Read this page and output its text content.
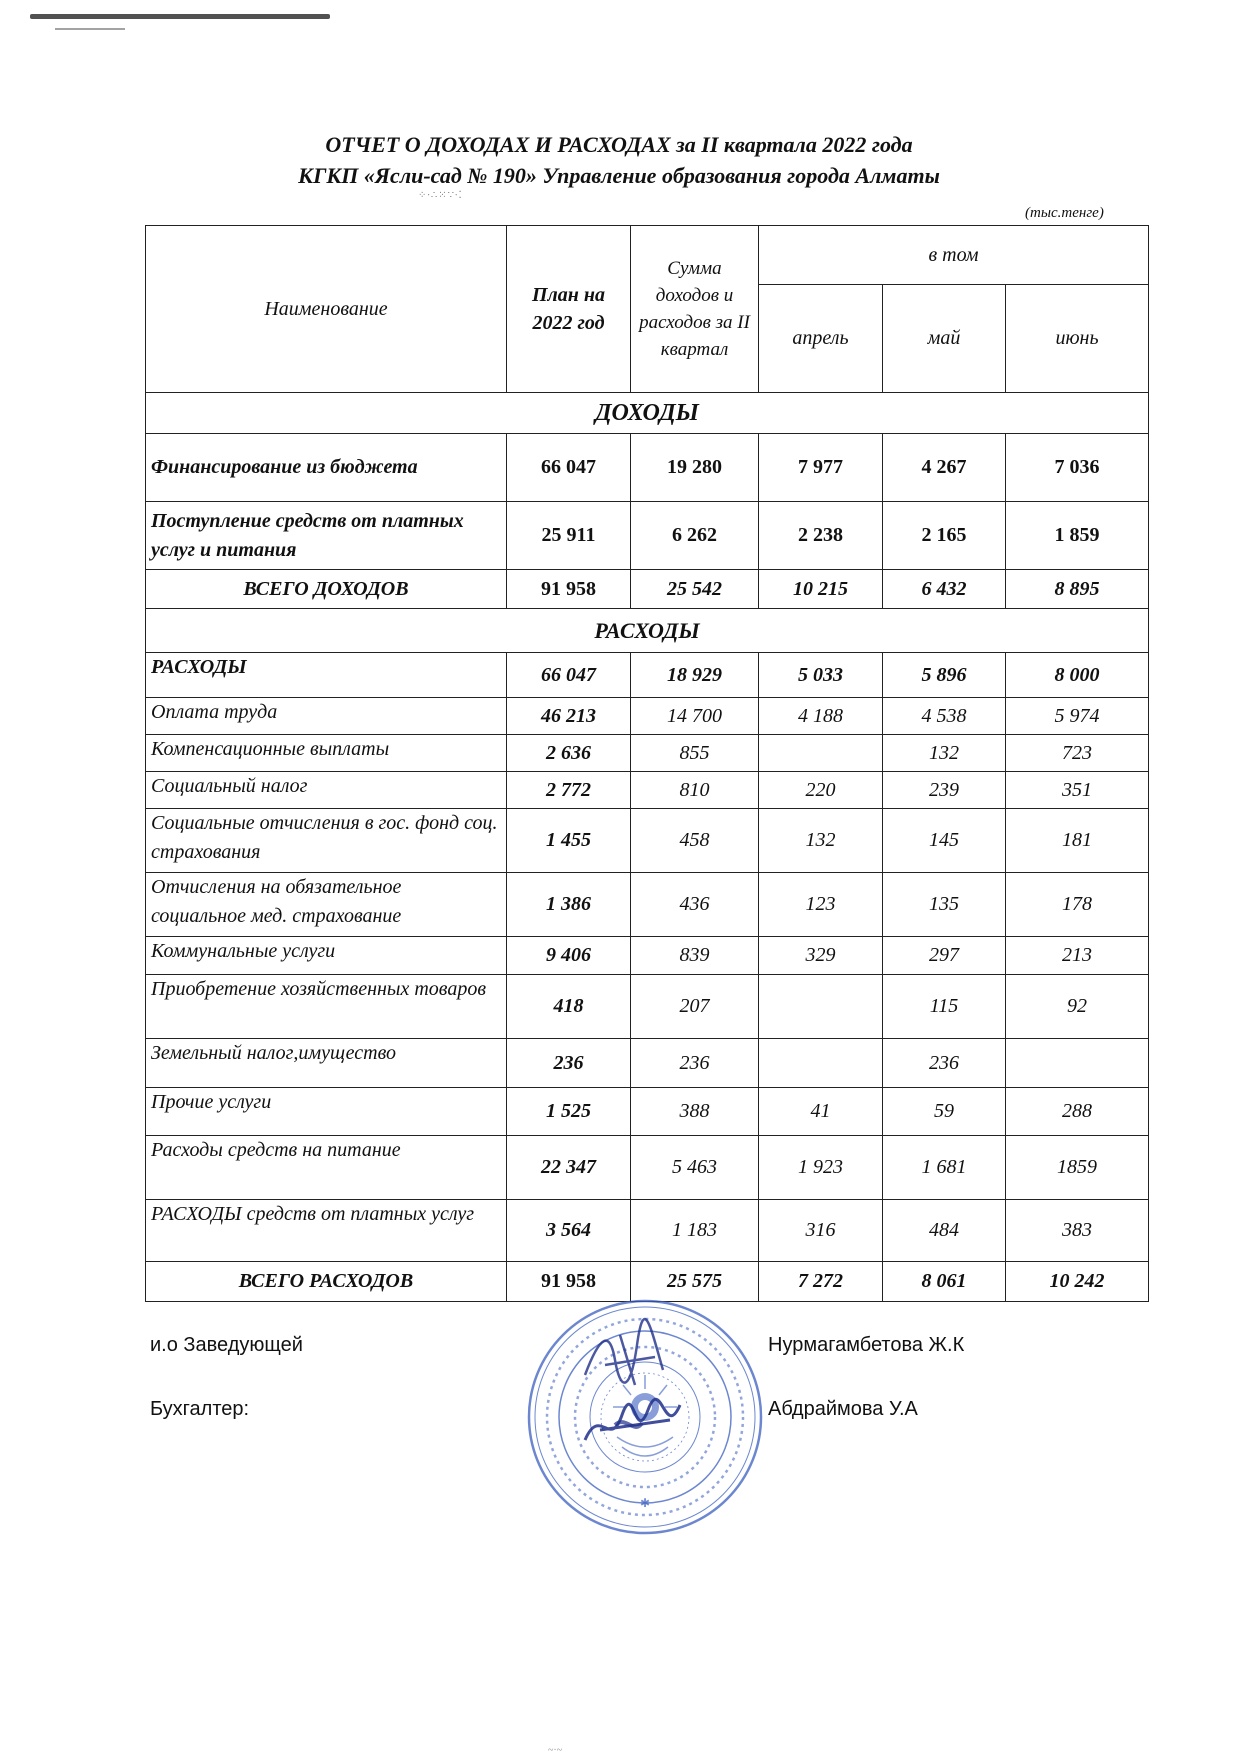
ОТЧЕТ О ДОХОДАХ И РАСХОДАХ за II квартала 2022 года
КГКП «Ясли-сад № 190» Управление образования города Алматы
⁘∙∴⁙∵∙⁚
(тыс.тенге)
Наименование	План на 2022 год	Сумма доходов и расходов за II квартал	в том		
			апрель	май	июнь
ДОХОДЫ					
Финансирование из бюджета	66 047	19 280	7 977	4 267	7 036
Поступление средств от платных услуг и питания	25 911	6 262	2 238	2 165	1 859
ВСЕГО ДОХОДОВ	91 958	25 542	10 215	6 432	8 895
РАСХОДЫ					
РАСХОДЫ	66 047	18 929	5 033	5 896	8 000
Оплата труда	46 213	14 700	4 188	4 538	5 974
Компенсационные выплаты	2 636	855		132	723
Социальный налог	2 772	810	220	239	351
Социальные отчисления в гос. фонд соц. страхования	1 455	458	132	145	181
Отчисления на обязательное социальное мед. страхование	1 386	436	123	135	178
Коммунальные услуги	9 406	839	329	297	213
Приобретение хозяйственных товаров	418	207		115	92
Земельный налог,имущество	236	236		236	
Прочие услуги	1 525	388	41	59	288
Расходы средств на питание	22 347	5 463	1 923	1 681	1859
РАСХОДЫ средств от платных услуг	3 564	1 183	316	484	383
ВСЕГО РАСХОДОВ	91 958	25 575	7 272	8 061	10 242
и.о Заведующей	Нурмагамбетова Ж.К
Бухгалтер:	Абдраймова У.А
✱
~·~
